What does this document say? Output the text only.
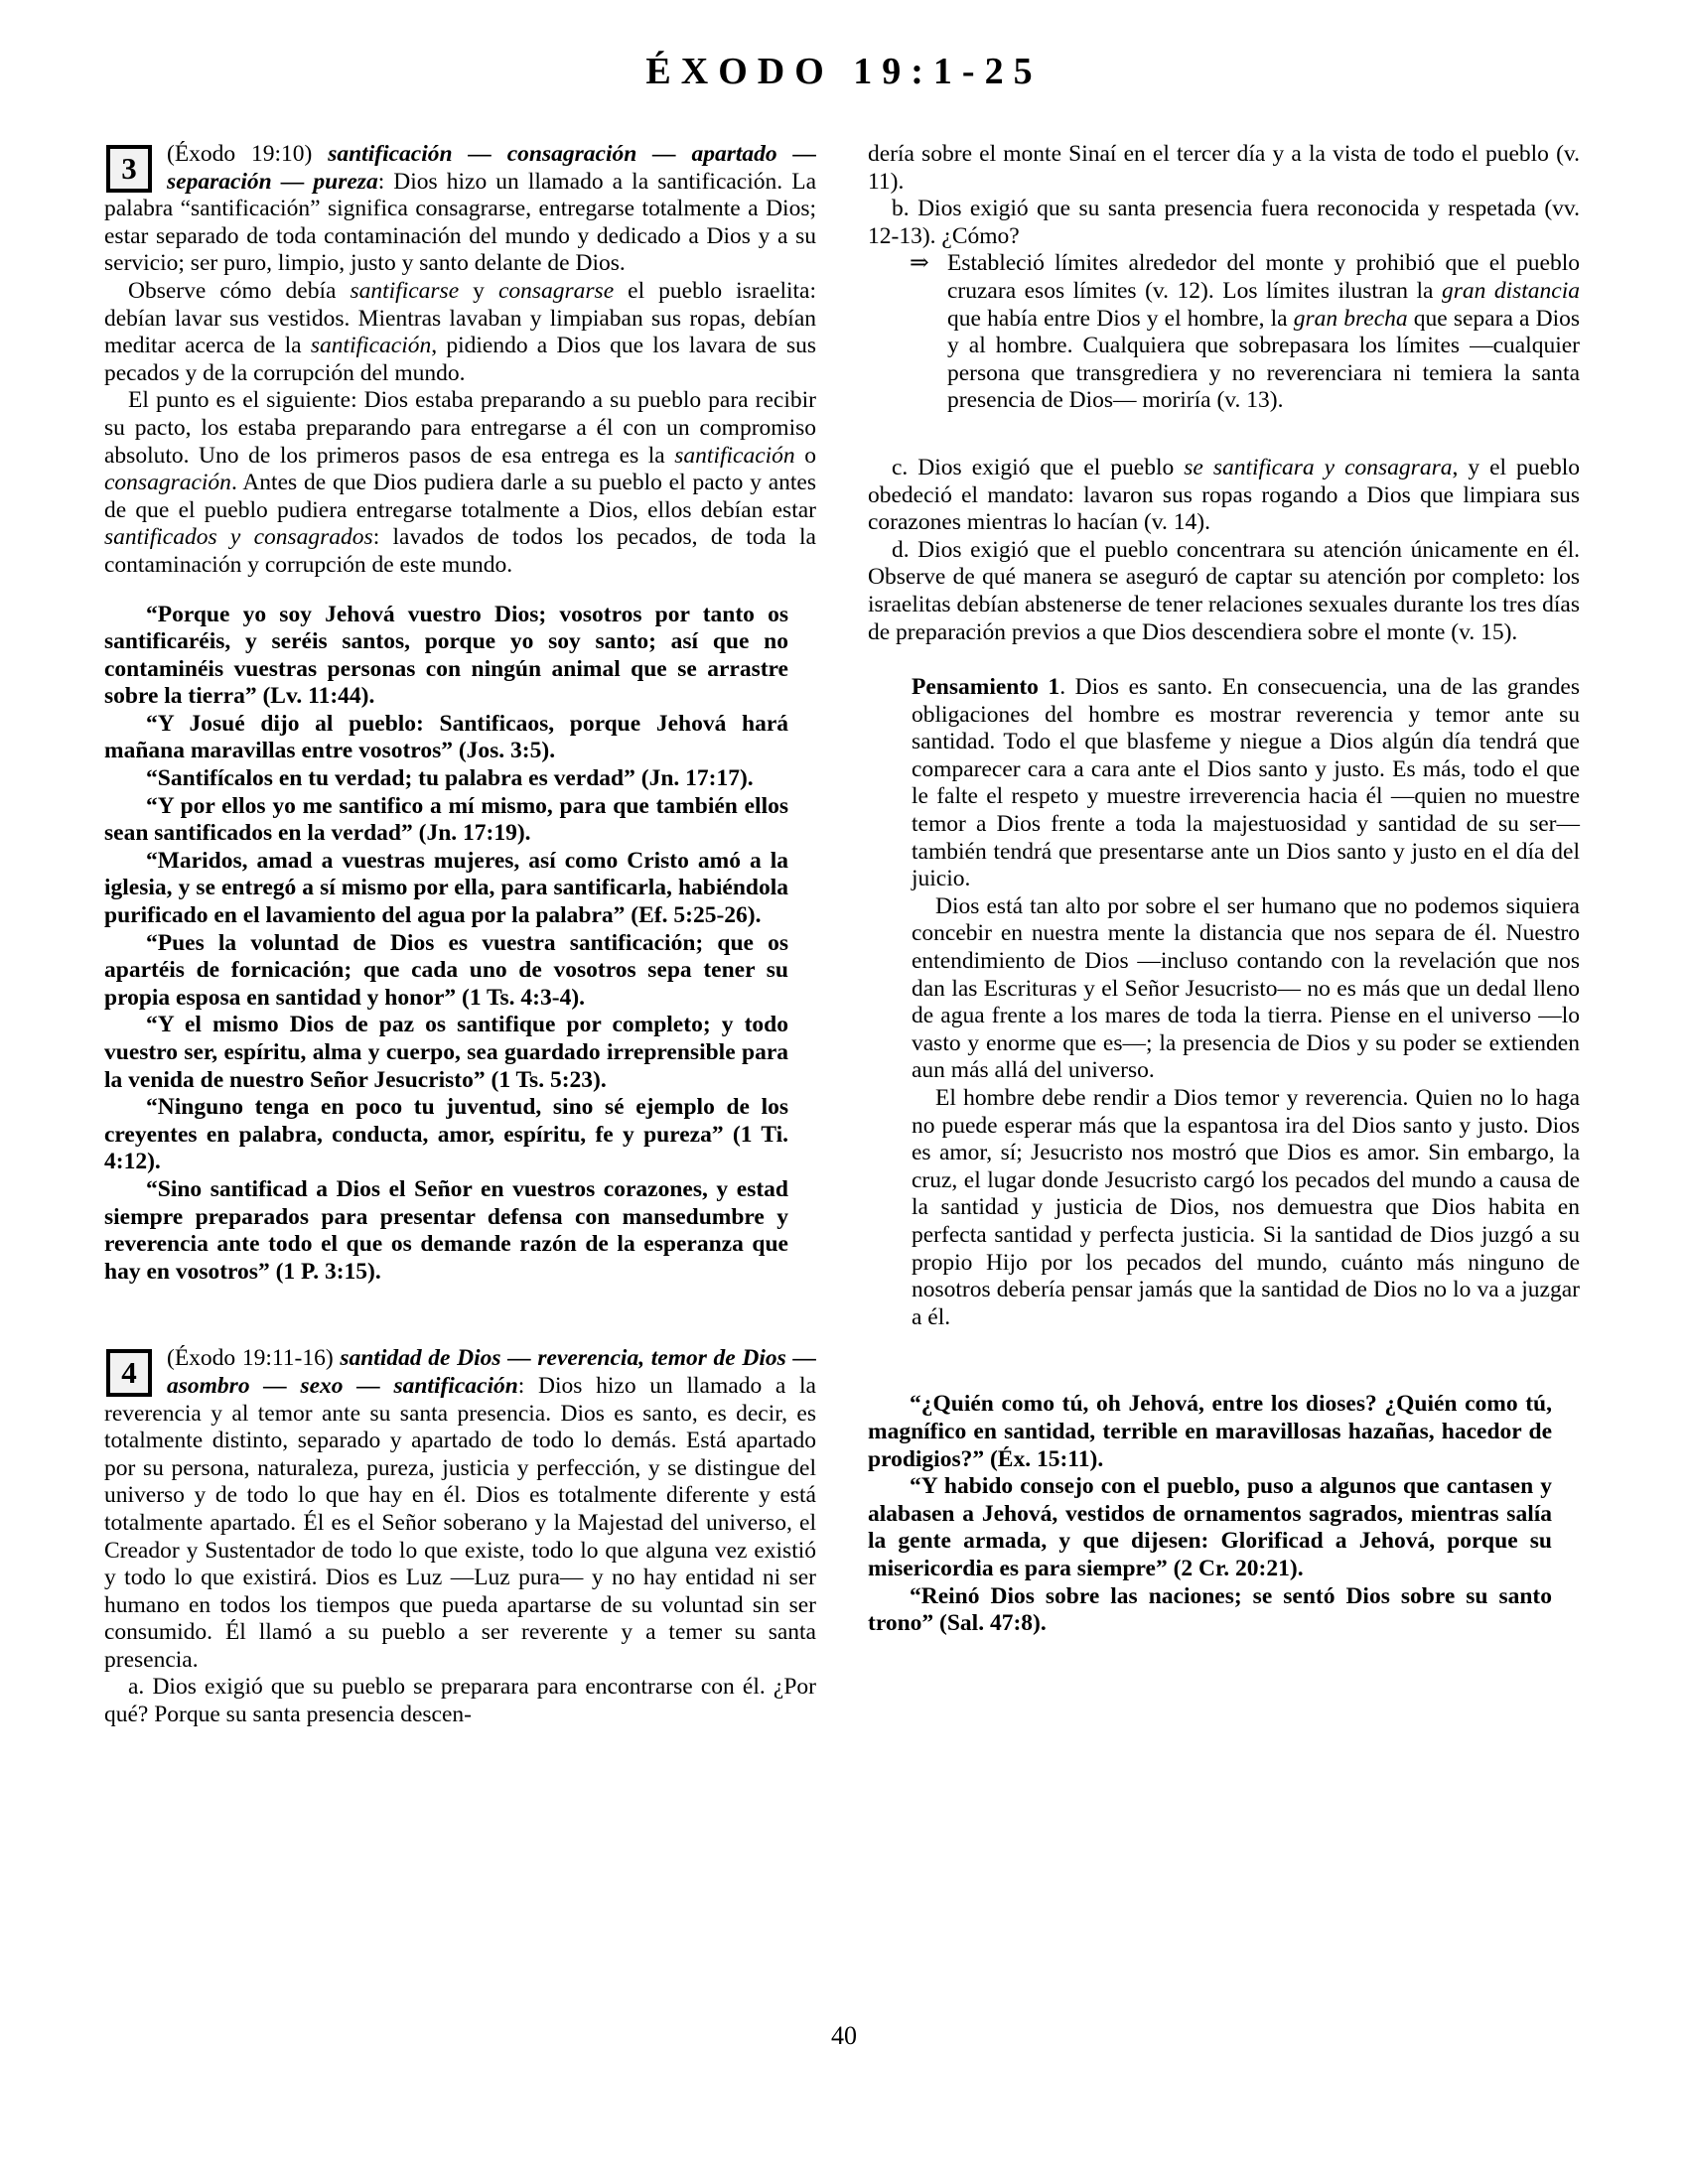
ÉXODO 19:1-25
3	(Éxodo 19:10) santificación — consagración — apartado — separación — pureza: Dios hizo un llamado a la santificación. La palabra “santificación” significa consagrarse, entregarse totalmente a Dios; estar separado de toda contaminación del mundo y dedicado a Dios y a su servicio; ser puro, limpio, justo y santo delante de Dios.
Observe cómo debía santificarse y consagrarse el pueblo israelita: debían lavar sus vestidos. Mientras lavaban y limpiaban sus ropas, debían meditar acerca de la santificación, pidiendo a Dios que los lavara de sus pecados y de la corrupción del mundo.
El punto es el siguiente: Dios estaba preparando a su pueblo para recibir su pacto, los estaba preparando para entregarse a él con un compromiso absoluto. Uno de los primeros pasos de esa entrega es la santificación o consagración. Antes de que Dios pudiera darle a su pueblo el pacto y antes de que el pueblo pudiera entregarse totalmente a Dios, ellos debían estar santificados y consagrados: lavados de todos los pecados, de toda la contaminación y corrupción de este mundo.
“Porque yo soy Jehová vuestro Dios; vosotros por tanto os santificaréis, y seréis santos, porque yo soy santo; así que no contaminéis vuestras personas con ningún animal que se arrastre sobre la tierra” (Lv. 11:44).
“Y Josué dijo al pueblo: Santificaos, porque Jehová hará mañana maravillas entre vosotros” (Jos. 3:5).
“Santifícalos en tu verdad; tu palabra es verdad” (Jn. 17:17).
“Y por ellos yo me santifico a mí mismo, para que también ellos sean santificados en la verdad” (Jn. 17:19).
“Maridos, amad a vuestras mujeres, así como Cristo amó a la iglesia, y se entregó a sí mismo por ella, para santificarla, habiéndola purificado en el lavamiento del agua por la palabra” (Ef. 5:25-26).
“Pues la voluntad de Dios es vuestra santificación; que os apartéis de fornicación; que cada uno de vosotros sepa tener su propia esposa en santidad y honor” (1 Ts. 4:3-4).
“Y el mismo Dios de paz os santifique por completo; y todo vuestro ser, espíritu, alma y cuerpo, sea guardado irreprensible para la venida de nuestro Señor Jesucristo” (1 Ts. 5:23).
“Ninguno tenga en poco tu juventud, sino sé ejemplo de los creyentes en palabra, conducta, amor, espíritu, fe y pureza” (1 Ti. 4:12).
“Sino santificad a Dios el Señor en vuestros corazones, y estad siempre preparados para presentar defensa con mansedumbre y reverencia ante todo el que os demande razón de la esperanza que hay en vosotros” (1 P. 3:15).
4	(Éxodo 19:11-16) santidad de Dios — reverencia, temor de Dios — asombro — sexo — santificación: Dios hizo un llamado a la reverencia y al temor ante su santa presencia. Dios es santo, es decir, es totalmente distinto, separado y apartado de todo lo demás. Está apartado por su persona, naturaleza, pureza, justicia y perfección, y se distingue del universo y de todo lo que hay en él. Dios es totalmente diferente y está totalmente apartado. Él es el Señor soberano y la Majestad del universo, el Creador y Sustentador de todo lo que existe, todo lo que alguna vez existió y todo lo que existirá. Dios es Luz —Luz pura— y no hay entidad ni ser humano en todos los tiempos que pueda apartarse de su voluntad sin ser consumido. Él llamó a su pueblo a ser reverente y a temer su santa presencia.
a. Dios exigió que su pueblo se preparara para encontrarse con él. ¿Por qué? Porque su santa presencia descen-
dería sobre el monte Sinaí en el tercer día y a la vista de todo el pueblo (v. 11).
b. Dios exigió que su santa presencia fuera reconocida y respetada (vv. 12-13). ¿Cómo?
⇒ Estableció límites alrededor del monte y prohibió que el pueblo cruzara esos límites (v. 12). Los límites ilustran la gran distancia que había entre Dios y el hombre, la gran brecha que separa a Dios y al hombre. Cualquiera que sobrepasara los límites —cualquier persona que transgrediera y no reverenciara ni temiera la santa presencia de Dios— moriría (v. 13).
c. Dios exigió que el pueblo se santificara y consagrara, y el pueblo obedeció el mandato: lavaron sus ropas rogando a Dios que limpiara sus corazones mientras lo hacían (v. 14).
d. Dios exigió que el pueblo concentrara su atención únicamente en él. Observe de qué manera se aseguró de captar su atención por completo: los israelitas debían abstenerse de tener relaciones sexuales durante los tres días de preparación previos a que Dios descendiera sobre el monte (v. 15).
Pensamiento 1. Dios es santo. En consecuencia, una de las grandes obligaciones del hombre es mostrar reverencia y temor ante su santidad. Todo el que blasfeme y niegue a Dios algún día tendrá que comparecer cara a cara ante el Dios santo y justo. Es más, todo el que le falte el respeto y muestre irreverencia hacia él —quien no muestre temor a Dios frente a toda la majestuosidad y santidad de su ser— también tendrá que presentarse ante un Dios santo y justo en el día del juicio.
Dios está tan alto por sobre el ser humano que no podemos siquiera concebir en nuestra mente la distancia que nos separa de él. Nuestro entendimiento de Dios —incluso contando con la revelación que nos dan las Escrituras y el Señor Jesucristo— no es más que un dedal lleno de agua frente a los mares de toda la tierra. Piense en el universo —lo vasto y enorme que es—; la presencia de Dios y su poder se extienden aun más allá del universo.
El hombre debe rendir a Dios temor y reverencia. Quien no lo haga no puede esperar más que la espantosa ira del Dios santo y justo. Dios es amor, sí; Jesucristo nos mostró que Dios es amor. Sin embargo, la cruz, el lugar donde Jesucristo cargó los pecados del mundo a causa de la santidad y justicia de Dios, nos demuestra que Dios habita en perfecta santidad y perfecta justicia. Si la santidad de Dios juzgó a su propio Hijo por los pecados del mundo, cuánto más ninguno de nosotros debería pensar jamás que la santidad de Dios no lo va a juzgar a él.
“¿Quién como tú, oh Jehová, entre los dioses? ¿Quién como tú, magnífico en santidad, terrible en maravillosas hazañas, hacedor de prodigios?” (Éx. 15:11).
“Y habido consejo con el pueblo, puso a algunos que cantasen y alabasen a Jehová, vestidos de ornamentos sagrados, mientras salía la gente armada, y que dijesen: Glorificad a Jehová, porque su misericordia es para siempre” (2 Cr. 20:21).
“Reinó Dios sobre las naciones; se sentó Dios sobre su santo trono” (Sal. 47:8).
40
